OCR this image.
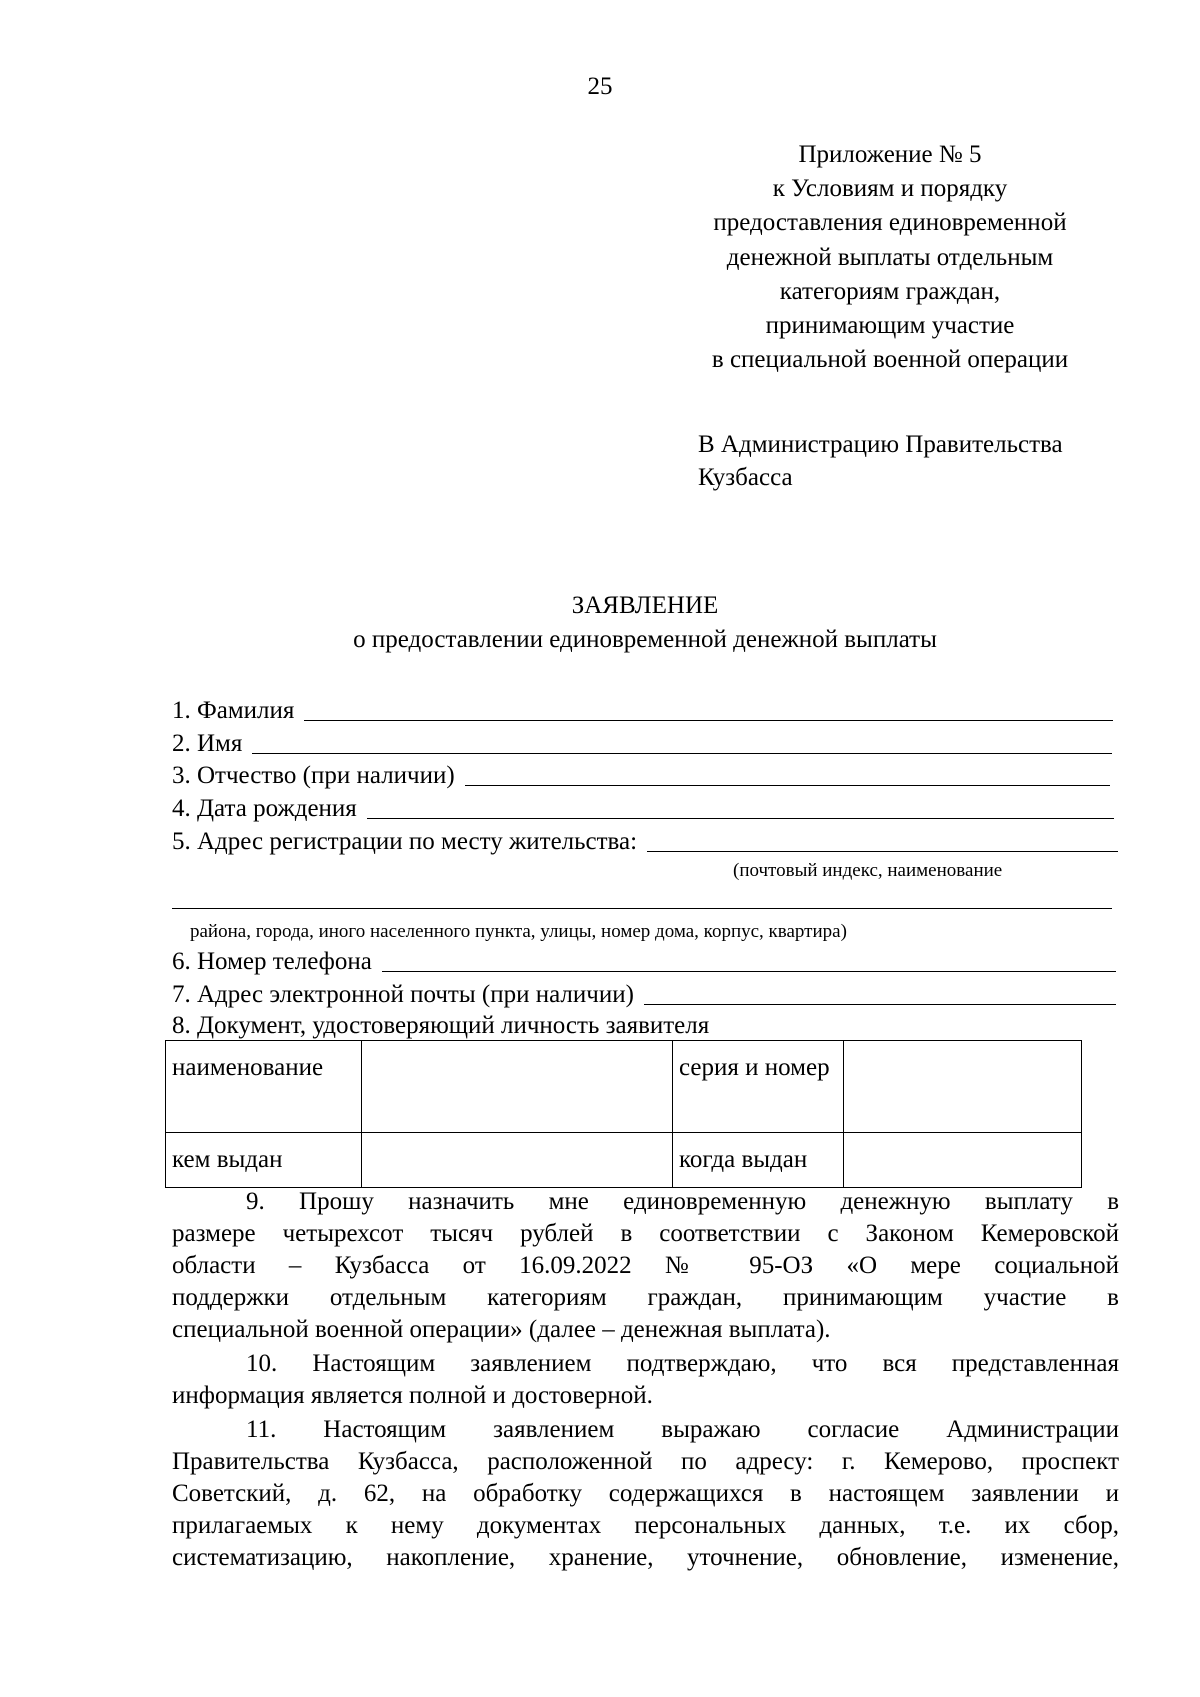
25
Приложение № 5
к Условиям и порядку
предоставления единовременной
денежной выплаты отдельным
категориям граждан,
принимающим участие
в специальной военной операции
В Администрацию Правительства
Кузбасса
ЗАЯВЛЕНИЕ
о предоставлении единовременной денежной выплаты
1. Фамилия
2. Имя
3. Отчество (при наличии)
4. Дата рождения
5. Адрес регистрации по месту жительства:
(почтовый индекс, наименование
района, города, иного населенного пункта, улицы, номер дома, корпус, квартира)
6. Номер телефона
7. Адрес электронной почты (при наличии)
8. Документ, удостоверяющий личность заявителя
наименование		серия и номер	
кем выдан		когда выдан	
9. Прошу назначить мне единовременную денежную выплату в
размере четырехсот тысяч рублей в соответствии с Законом Кемеровской
области – Кузбасса от 16.09.2022 № 95-ОЗ «О мере социальной
поддержки отдельным категориям граждан, принимающим участие в
специальной военной операции» (далее – денежная выплата).
10. Настоящим заявлением подтверждаю, что вся представленная
информация является полной и достоверной.
11. Настоящим заявлением выражаю согласие Администрации
Правительства Кузбасса, расположенной по адресу: г. Кемерово, проспект
Советский, д. 62, на обработку содержащихся в настоящем заявлении и
прилагаемых к нему документах персональных данных, т.е. их сбор,
систематизацию, накопление, хранение, уточнение, обновление, изменение,
